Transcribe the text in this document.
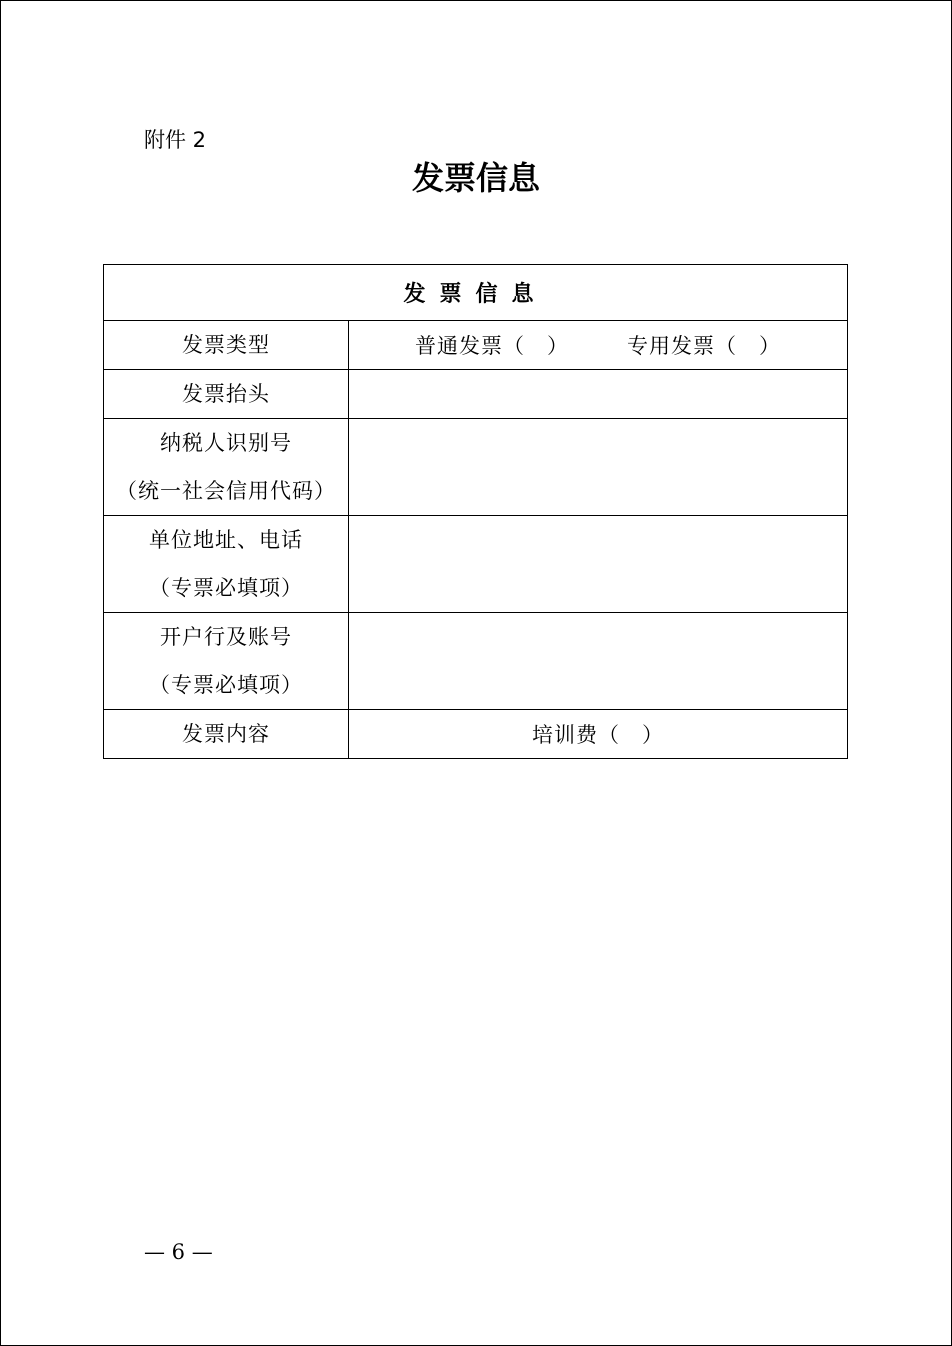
附件 2
发票信息
发票信息	

发票类型	普通发票（　） 专用发票（　）

发票抬头	

纳税人识别号
（统一社会信用代码）	

单位地址、电话
（专票必填项）	

开户行及账号
（专票必填项）	

发票内容	培训费（　）
— 6 —
